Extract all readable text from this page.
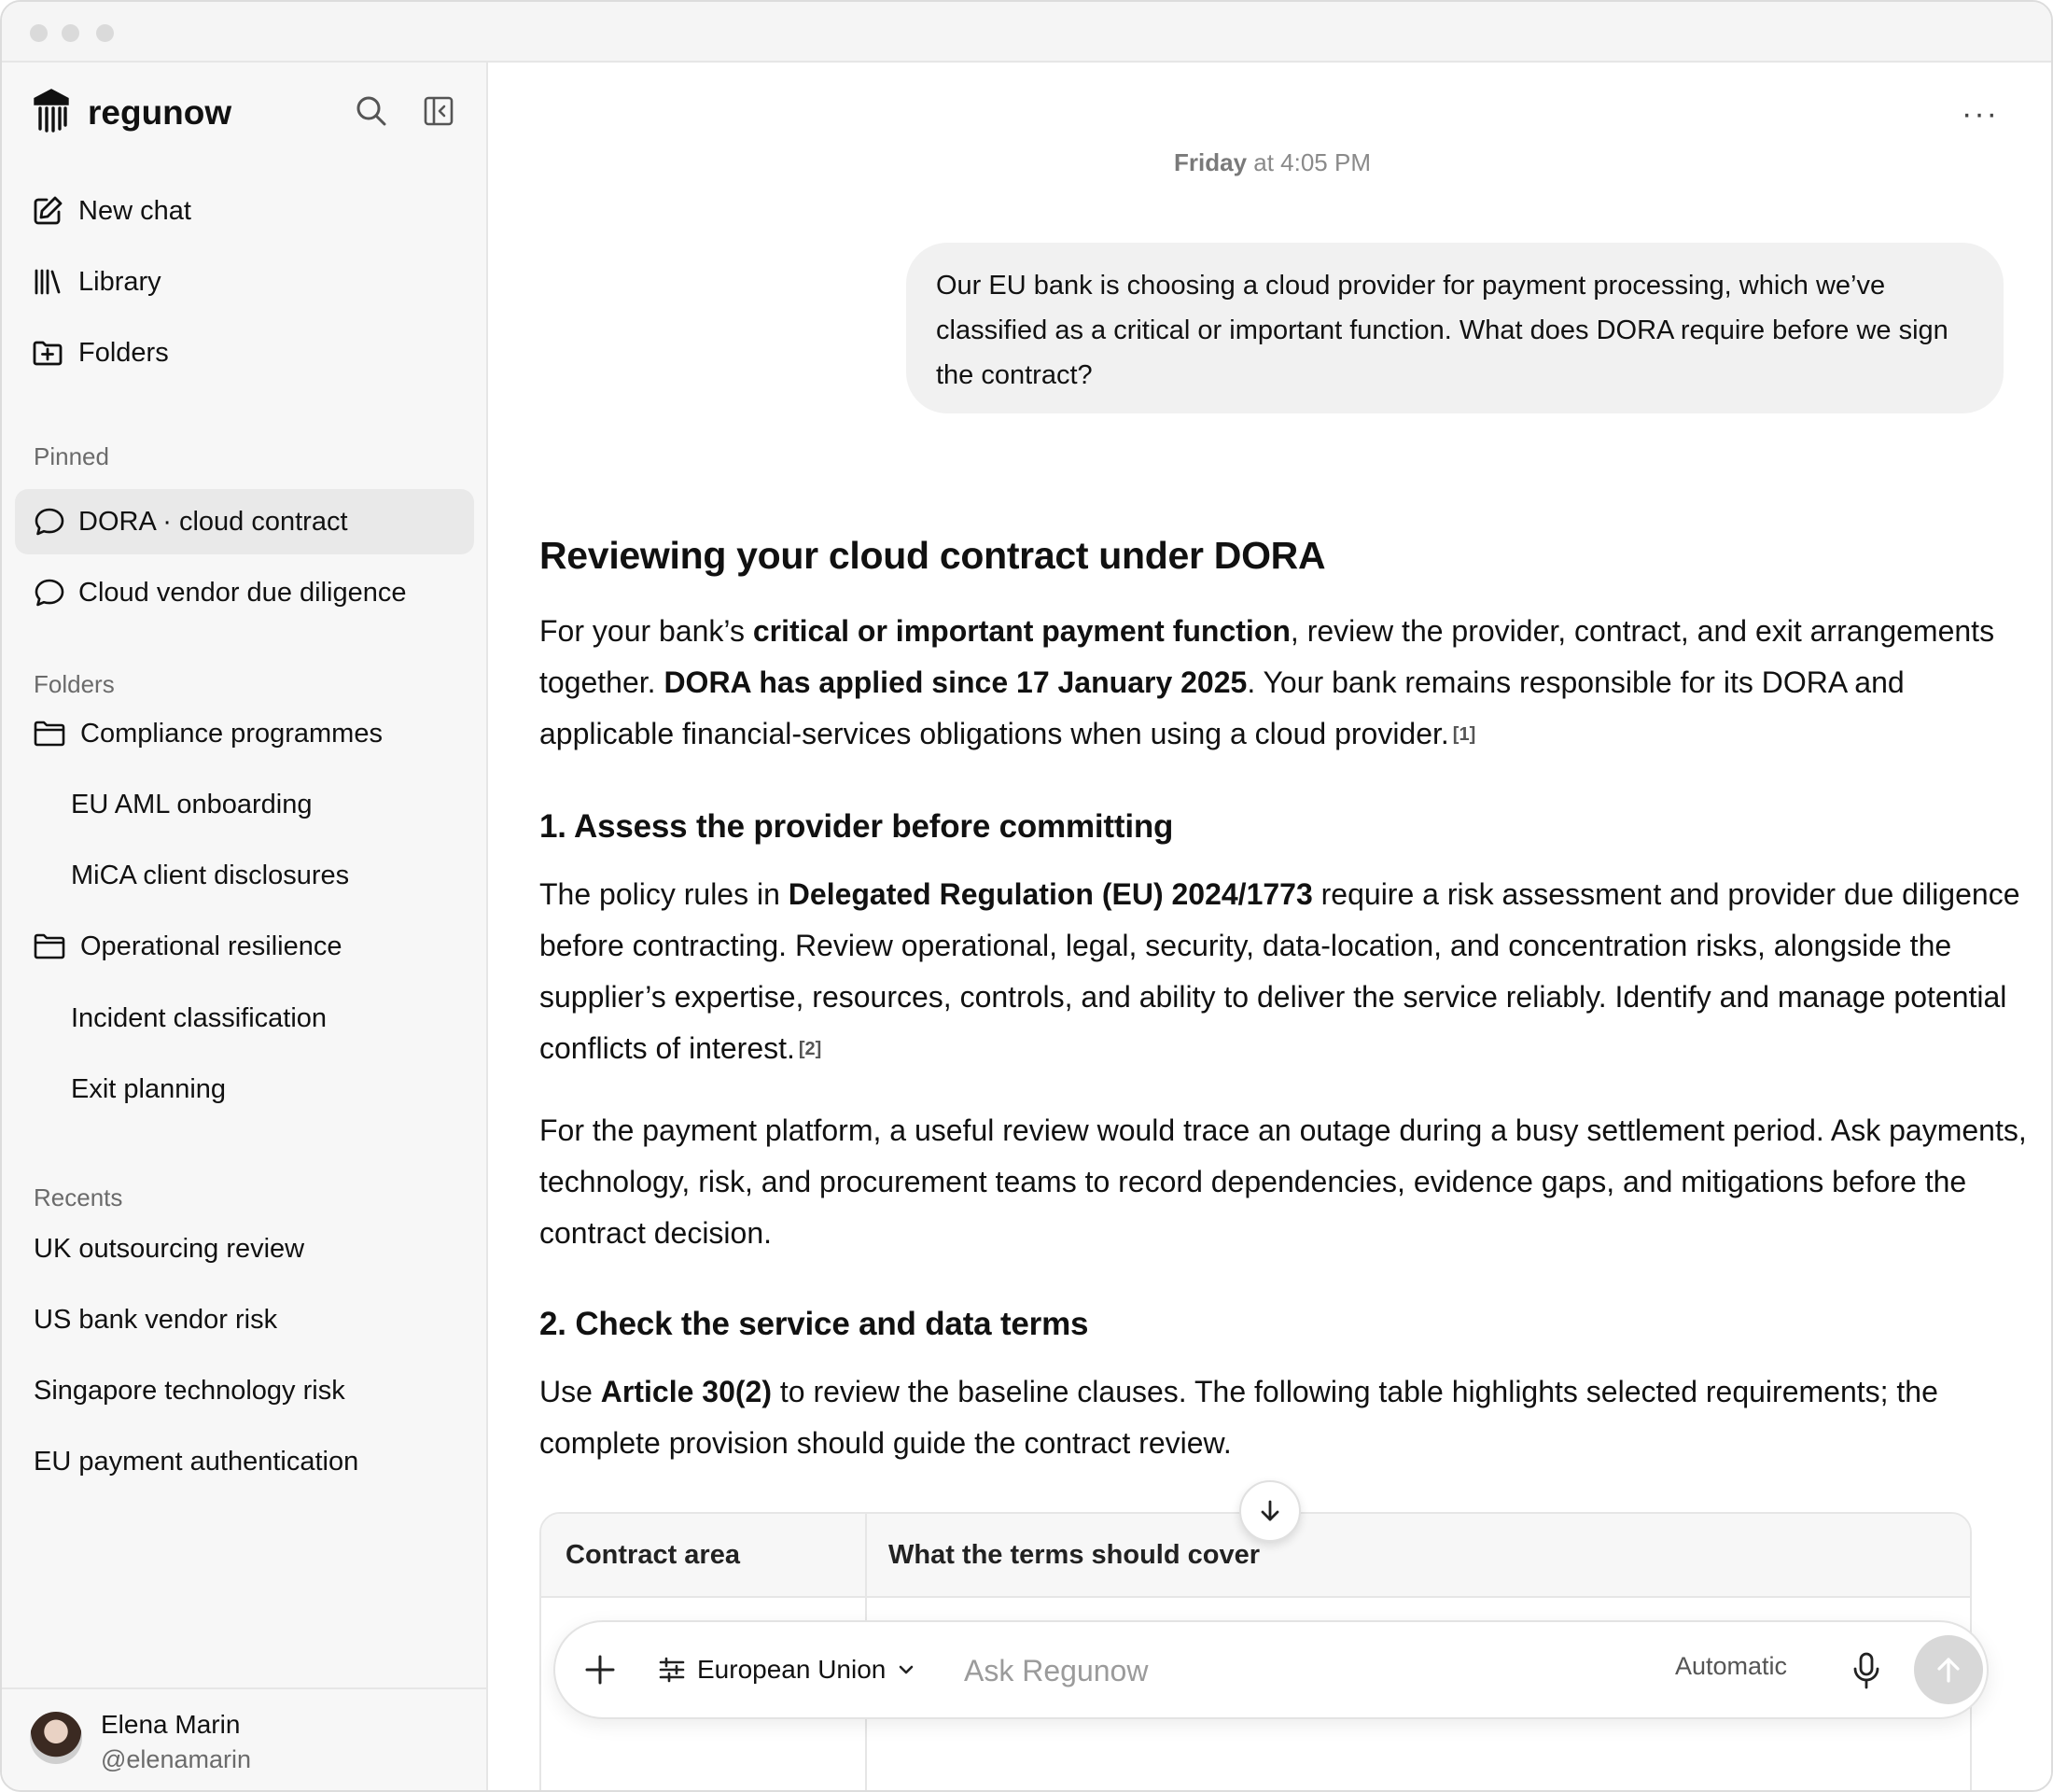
regunow
New chat
Library
Folders
Pinned
DORA · cloud contract
Cloud vendor due diligence
Folders
Compliance programmes
EU AML onboarding
MiCA client disclosures
Operational resilience
Incident classification
Exit planning
Recents
UK outsourcing review
US bank vendor risk
Singapore technology risk
EU payment authentication
Elena Marin
@elenamarin
···
Friday at 4:05 PM
Our EU bank is choosing a cloud provider for payment processing, which we’ve classified as a critical or important function. What does DORA require before we sign the contract?
Reviewing your cloud contract under DORA
For your bank’s critical or important payment function, review the provider, contract, and exit arrangements together. DORA has applied since 17 January 2025. Your bank remains responsible for its DORA and applicable financial-services obligations when using a cloud provider. [1]
1. Assess the provider before committing
The policy rules in Delegated Regulation (EU) 2024/1773 require a risk assessment and provider due diligence before contracting. Review operational, legal, security, data-location, and concentration risks, alongside the supplier’s expertise, resources, controls, and ability to deliver the service reliably. Identify and manage potential conflicts of interest. [2]
For the payment platform, a useful review would trace an outage during a busy settlement period. Ask payments, technology, risk, and procurement teams to record dependencies, evidence gaps, and mitigations before the contract decision.
2. Check the service and data terms
Use Article 30(2) to review the baseline clauses. The following table highlights selected requirements; the complete provision should guide the contract review.
Contract area	What the terms should cover
European Union
Ask Regunow	Automatic
